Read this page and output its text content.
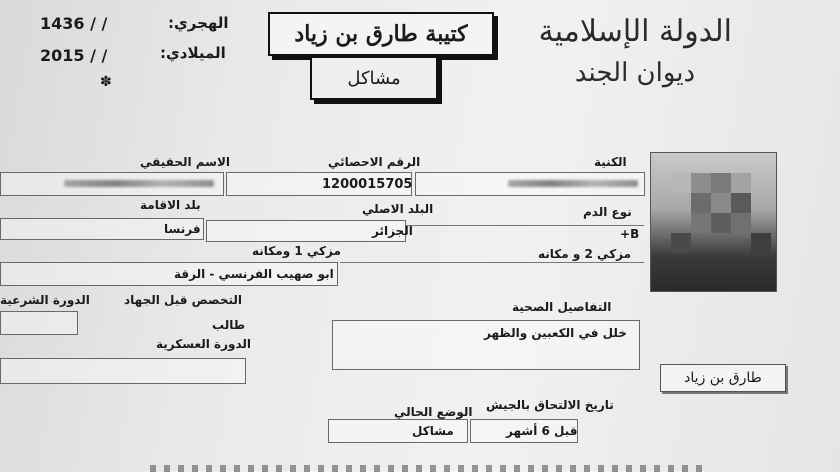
الهجري:
1436 / /
الميلادي:
2015 / /
✽
كتيبة طارق بن زياد
مشاكل
الدولة الإسلامية
ديوان الجند
الكنية
الرقم الاحصائي
الاسم الحقيقي
1200015705
نوع الدم
البلد الاصلي
بلد الاقامة
B+
الجزائر
فرنسا
مزكي 2 و مكانه
مزكي 1 ومكانه
ابو صهيب الفرنسي - الرقة
التخصص قبل الجهاد
الدورة الشرعية	التفاصيل الصحية
خلل في الكعبين والظهر
طالب
الدورة العسكرية
طارق بن زياد
تاريخ الالتحاق بالجيش
الوضع الحالي
قبل 6 أشهر
مشاكل
